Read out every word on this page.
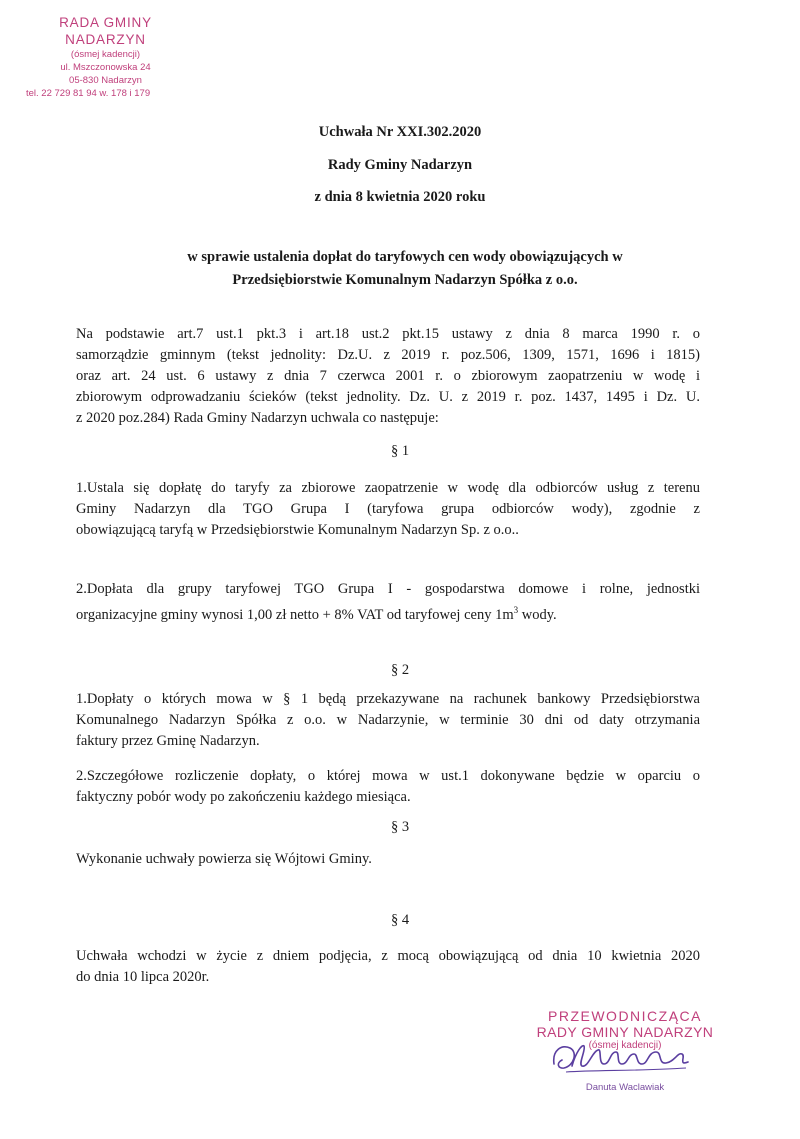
RADA GMINY NADARZYN
(ósmej kadencji)
ul. Mszczonowska 24
05-830 Nadarzyn
tel. 22 729 81 94 w. 178 i 179
Uchwała Nr XXI.302.2020
Rady Gminy Nadarzyn
z dnia 8 kwietnia 2020 roku
w sprawie ustalenia dopłat do taryfowych cen wody obowiązujących w
Przedsiębiorstwie Komunalnym Nadarzyn Spółka z o.o.
Na podstawie art.7 ust.1 pkt.3 i art.18 ust.2 pkt.15 ustawy z dnia 8 marca 1990 r. o
samorządzie gminnym (tekst jednolity: Dz.U. z 2019 r. poz.506, 1309, 1571, 1696 i 1815)
oraz art. 24 ust. 6 ustawy z dnia 7 czerwca 2001 r. o zbiorowym zaopatrzeniu w wodę i
zbiorowym odprowadzaniu ścieków (tekst jednolity. Dz. U. z 2019 r. poz. 1437, 1495 i Dz. U.
z 2020 poz.284) Rada Gminy Nadarzyn uchwala co następuje:
§ 1
1.Ustala się dopłatę do taryfy za zbiorowe zaopatrzenie w wodę dla odbiorców usług z terenu
Gminy Nadarzyn dla TGO Grupa I (taryfowa grupa odbiorców wody), zgodnie z
obowiązującą taryfą w Przedsiębiorstwie Komunalnym Nadarzyn Sp. z o.o..
2.Dopłata dla grupy taryfowej TGO Grupa I - gospodarstwa domowe i rolne, jednostki
organizacyjne gminy wynosi 1,00 zł netto + 8% VAT od taryfowej ceny $1m^3$ wody.
§ 2
1.Dopłaty o których mowa w § 1 będą przekazywane na rachunek bankowy Przedsiębiorstwa
Komunalnego Nadarzyn Spółka z o.o. w Nadarzynie, w terminie 30 dni od daty otrzymania
faktury przez Gminę Nadarzyn.
2.Szczegółowe rozliczenie dopłaty, o której mowa w ust.1 dokonywane będzie w oparciu o
faktyczny pobór wody po zakończeniu każdego miesiąca.
§ 3
Wykonanie uchwały powierza się Wójtowi Gminy.
§ 4
Uchwała wchodzi w życie z dniem podjęcia, z mocą obowiązującą od dnia 10 kwietnia 2020
do dnia 10 lipca 2020r.
PRZEWODNICZĄCA
RADY GMINY NADARZYN
(ósmej kadencji)
Danuta Waclawiak
